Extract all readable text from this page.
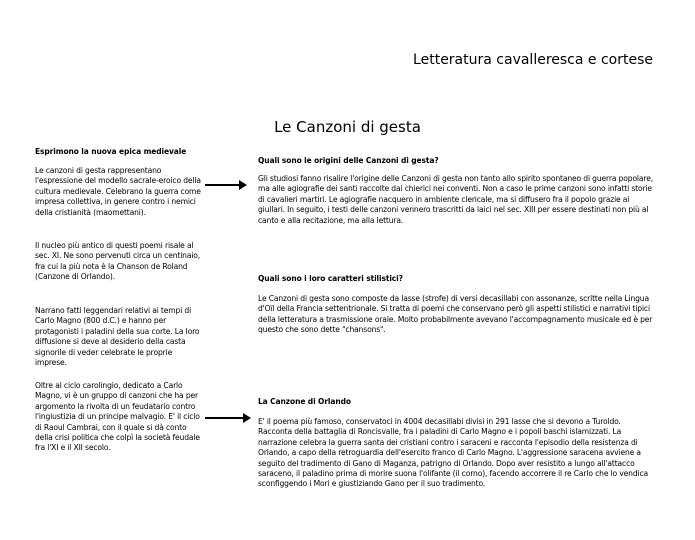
Letteratura cavalleresca e cortese
Le Canzoni di gesta
Esprimono la nuova epica medievale
Le canzoni di gesta rappresentano l'espressione del modello sacrale-eroico della cultura medievale. Celebrano la guerra come impresa collettiva, in genere contro i nemici della cristianità (maomettani).
Il nucleo più antico di questi poemi risale al sec. XI. Ne sono pervenuti circa un centinaio, fra cui la più nota è la Chanson de Roland (Canzone di Orlando).
Narrano fatti leggendari relativi ai tempi di Carlo Magno (800 d.C.) e hanno per protagonisti i paladini della sua corte. La loro diffusione si deve al desiderio della casta signorile di veder celebrate le proprie imprese.
Oltre al ciclo carolingio, dedicato a Carlo Magno, vi è un gruppo di canzoni che ha per argomento la rivolta di un feudatario contro l'ingiustizia di un principe malvagio. E' il ciclo di Raoul Cambrai, con il quale si dà conto della crisi politica che colpì la società feudale fra l'XI e il XII secolo.
Quali sono le origini delle Canzoni di gesta?
Gli studiosi fanno risalire l'origine delle Canzoni di gesta non tanto allo spirito spontaneo di guerra popolare, ma alle agiografie dei santi raccolte dai chierici nei conventi. Non a caso le prime canzoni sono infatti storie di cavalieri martiri. Le agiografie nacquero in ambiente clericale, ma si diffusero fra il popolo grazie ai giullari. In seguito, i testi delle canzoni vennero trascritti da laici nel sec. XIII per essere destinati non più al canto e alla recitazione, ma alla lettura.
Quali sono i loro caratteri stilistici?
Le Canzoni di gesta sono composte da lasse (strofe) di versi decasillabi con assonanze, scritte nella Lingua d'Oïl della Francia settentrionale. Si tratta di poemi che conservano però gli aspetti stilistici e narrativi tipici della letteratura a trasmissione orale. Molto probabilmente avevano l'accompagnamento musicale ed è per questo che sono dette "chansons".
La Canzone di Orlando
E' il poema più famoso, conservatoci in 4004 decasillabi divisi in 291 lasse che si devono a Turoldo. Racconta della battaglia di Roncisvalle, fra i paladini di Carlo Magno e i popoli baschi islamizzati. La narrazione celebra la guerra santa dei cristiani contro i saraceni e racconta l'episodio della resistenza di Orlando, a capo della retroguardia dell'esercito franco di Carlo Magno. L'aggressione saracena avviene a seguito del tradimento di Gano di Maganza, patrigno di Orlando. Dopo aver resistito a lungo all'attacco saraceno, il paladino prima di morire suona l'olifante (il corno), facendo accorrere il re Carlo che lo vendica sconfiggendo i Mori e giustiziando Gano per il suo tradimento.
